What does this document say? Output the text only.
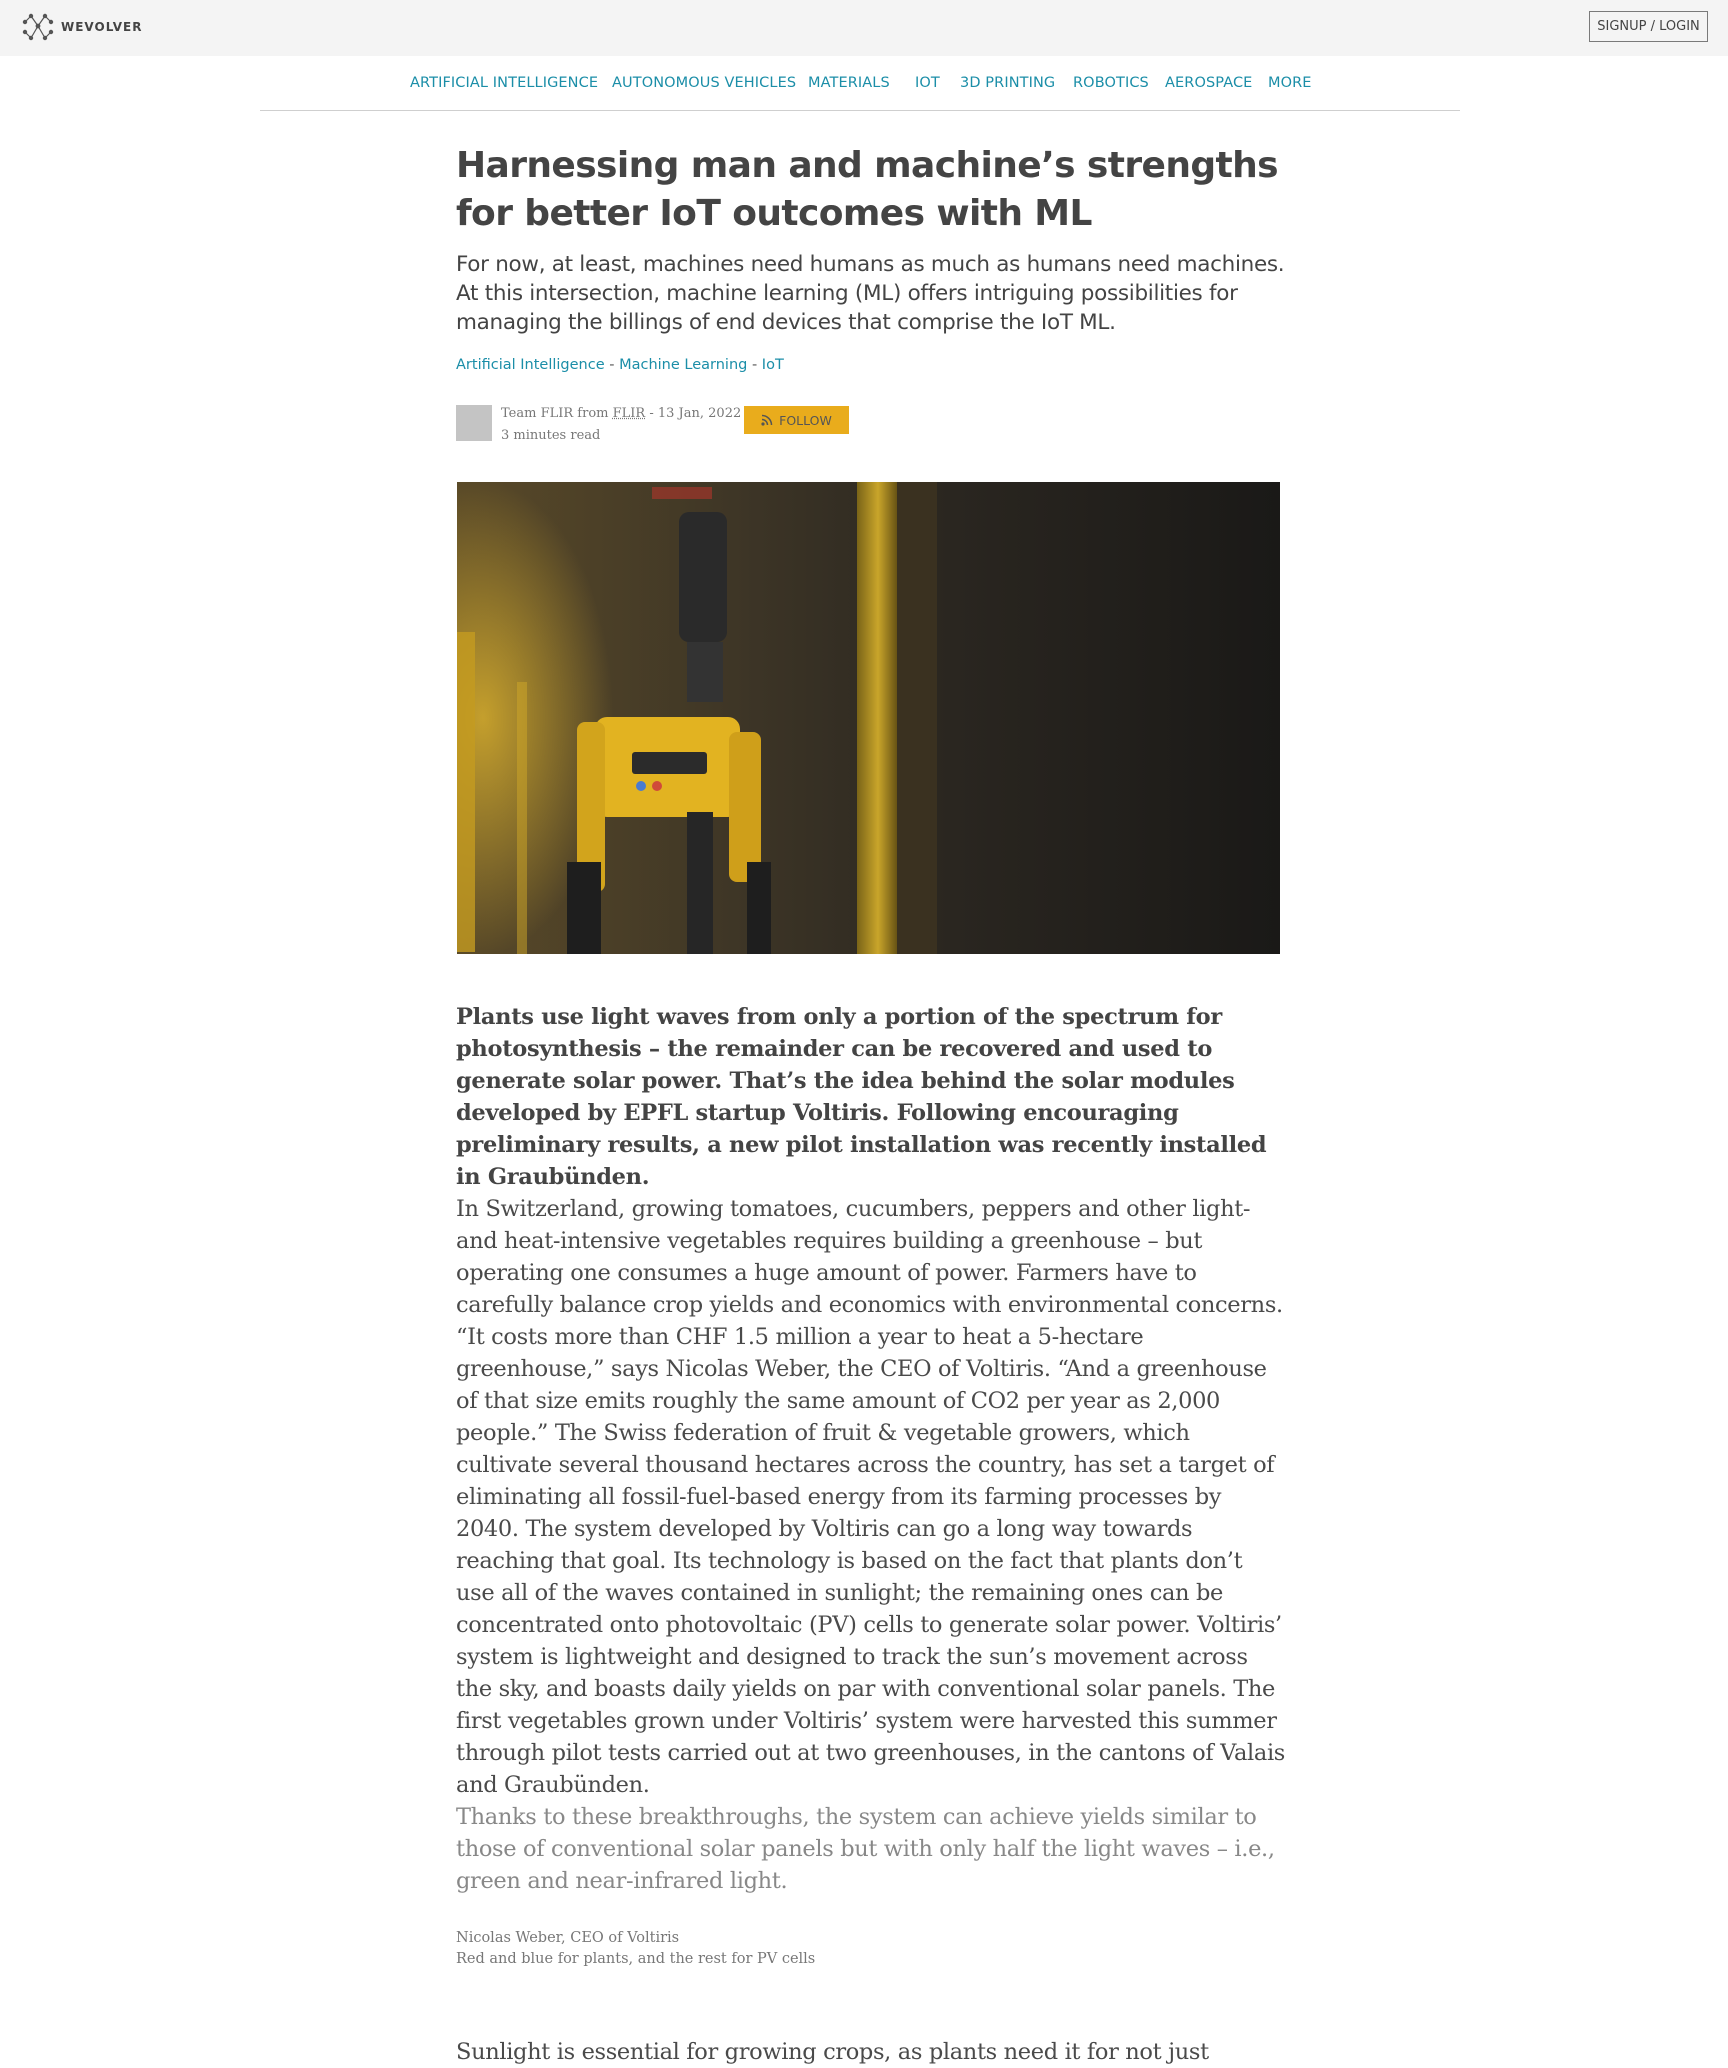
WEVOLVER	SIGNUP / LOGIN
ARTIFICIAL INTELLIGENCE AUTONOMOUS VEHICLES MATERIALS IOT 3D PRINTING ROBOTICS AEROSPACE MORE
Harnessing man and machine’s strengths for better IoT outcomes with ML

For now, at least, machines need humans as much as humans need machines. At this intersection, machine learning (ML) offers intriguing possibilities for managing the billings of end devices that comprise the IoT ML.

Artificial Intelligence - Machine Learning - IoT
Team FLIR from FLIR - 13 Jan, 2022
3 minutes read
FOLLOW

Plants use light waves from only a portion of the spectrum for photosynthesis – the remainder can be recovered and used to generate solar power. That’s the idea behind the solar modules developed by EPFL startup Voltiris. Following encouraging preliminary results, a new pilot installation was recently installed in Graubünden.

In Switzerland, growing tomatoes, cucumbers, peppers and other light- and heat-intensive vegetables requires building a greenhouse – but operating one consumes a huge amount of power. Farmers have to carefully balance crop yields and economics with environmental concerns. “It costs more than CHF 1.5 million a year to heat a 5-hectare greenhouse,” says Nicolas Weber, the CEO of Voltiris. “And a greenhouse of that size emits roughly the same amount of CO2 per year as 2,000 people.” The Swiss federation of fruit & vegetable growers, which cultivate several thousand hectares across the country, has set a target of eliminating all fossil-fuel-based energy from its farming processes by 2040. The system developed by Voltiris can go a long way towards reaching that goal. Its technology is based on the fact that plants don’t use all of the waves contained in sunlight; the remaining ones can be concentrated onto photovoltaic (PV) cells to generate solar power. Voltiris’ system is lightweight and designed to track the sun’s movement across the sky, and boasts daily yields on par with conventional solar panels. The first vegetables grown under Voltiris’ system were harvested this summer through pilot tests carried out at two greenhouses, in the cantons of Valais and Graubünden.

Thanks to these breakthroughs, the system can achieve yields similar to those of conventional solar panels but with only half the light waves – i.e., green and near-infrared light.

Nicolas Weber, CEO of Voltiris
Red and blue for plants, and the rest for PV cells

Sunlight is essential for growing crops, as plants need it for not just
